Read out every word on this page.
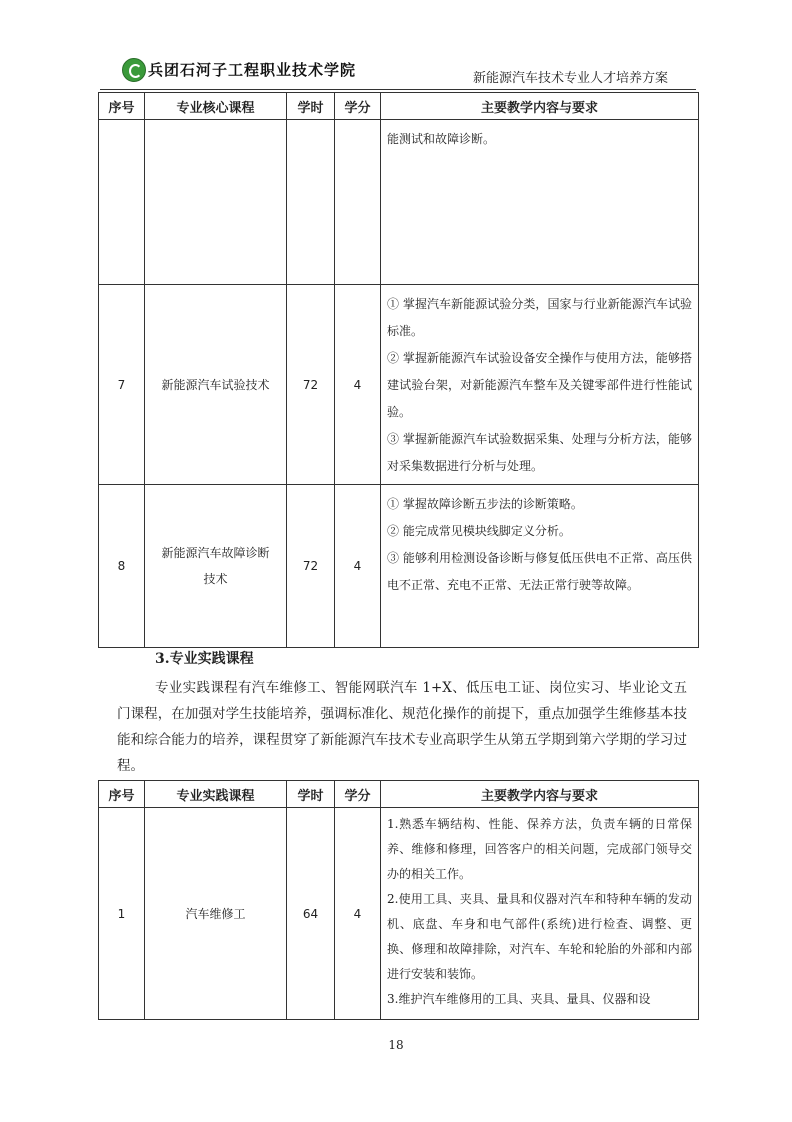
兵团石河子工程职业技术学院	新能源汽车技术专业人才培养方案
序号	专业核心课程	学时	学分	主要教学内容与要求

				能测试和故障诊断。

7	新能源汽车试验技术	72	4	① 掌握汽车新能源试验分类，国家与行业新能源汽车试验标准。
② 掌握新能源汽车试验设备安全操作与使用方法，能够搭建试验台架，对新能源汽车整车及关键零部件进行性能试验。
③ 掌握新能源汽车试验数据采集、处理与分析方法，能够对采集数据进行分析与处理。

8	新能源汽车故障诊断技术	72	4	① 掌握故障诊断五步法的诊断策略。
② 能完成常见模块线脚定义分析。
③ 能够利用检测设备诊断与修复低压供电不正常、高压供电不正常、充电不正常、无法正常行驶等故障。
3.专业实践课程
专业实践课程有汽车维修工、智能网联汽车 1+X、低压电工证、岗位实习、毕业论文五门课程，在加强对学生技能培养，强调标准化、规范化操作的前提下，重点加强学生维修基本技能和综合能力的培养，课程贯穿了新能源汽车技术专业高职学生从第五学期到第六学期的学习过程。
序号	专业实践课程	学时	学分	主要教学内容与要求
1	汽车维修工	64	4	1.熟悉车辆结构、性能、保养方法，负责车辆的日常保养、维修和修理，回答客户的相关问题，完成部门领导交办的相关工作。
2.使用工具、夹具、量具和仪器对汽车和特种车辆的发动机、底盘、车身和电气部件(系统)进行检查、调整、更换、修理和故障排除，对汽车、车轮和轮胎的外部和内部进行安装和装饰。
3.维护汽车维修用的工具、夹具、量具、仪器和设
18
